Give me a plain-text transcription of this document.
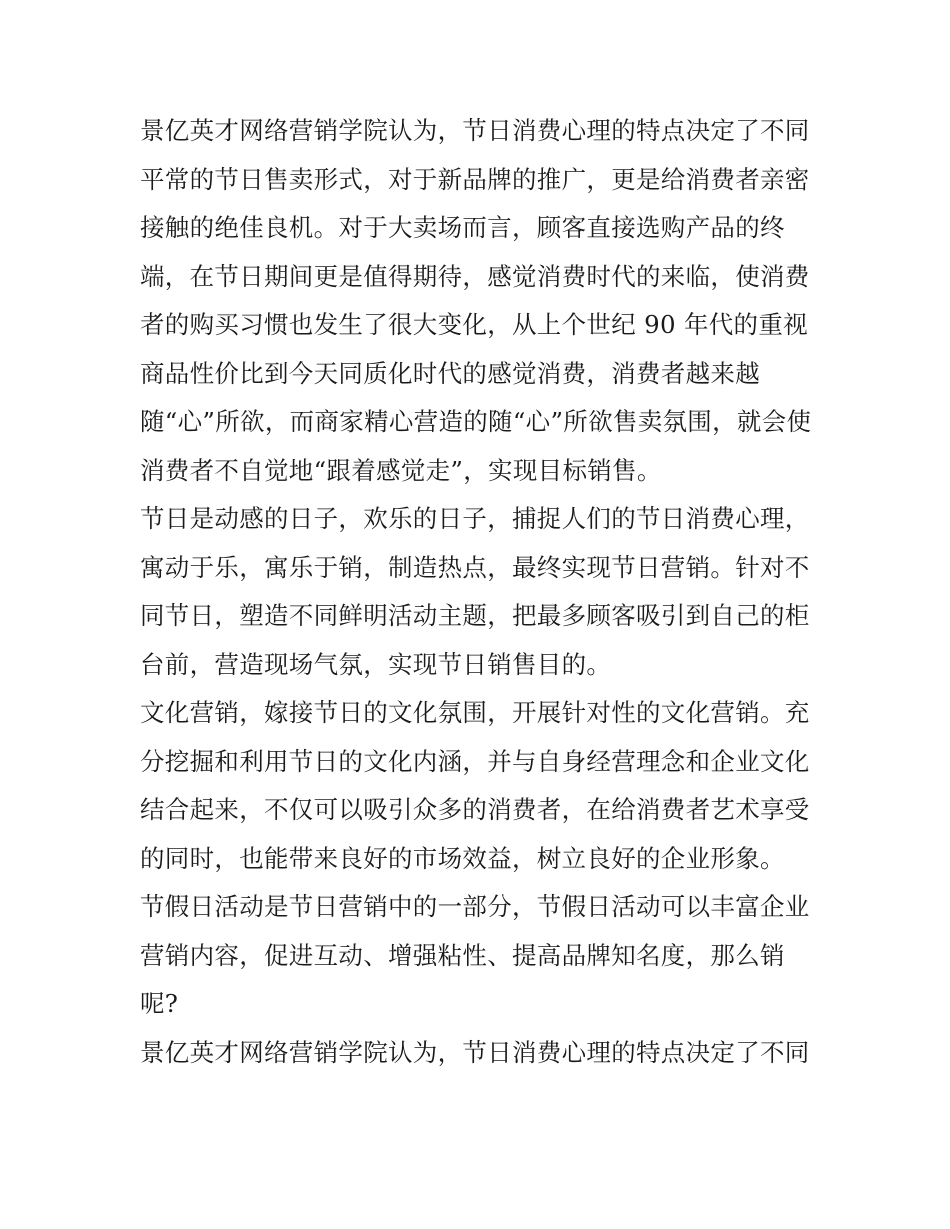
景亿英才网络营销学院认为，节日消费心理的特点决定了不同
平常的节日售卖形式，对于新品牌的推广，更是给消费者亲密
接触的绝佳良机。对于大卖场而言，顾客直接选购产品的终
端，在节日期间更是值得期待，感觉消费时代的来临，使消费
者的购买习惯也发生了很大变化，从上个世纪 90 年代的重视
商品性价比到今天同质化时代的感觉消费，消费者越来越
随“心”所欲，而商家精心营造的随“心”所欲售卖氛围，就会使
消费者不自觉地“跟着感觉走”，实现目标销售。
节日是动感的日子，欢乐的日子，捕捉人们的节日消费心理，
寓动于乐，寓乐于销，制造热点，最终实现节日营销。针对不
同节日，塑造不同鲜明活动主题，把最多顾客吸引到自己的柜
台前，营造现场气氛，实现节日销售目的。
文化营销，嫁接节日的文化氛围，开展针对性的文化营销。充
分挖掘和利用节日的文化内涵，并与自身经营理念和企业文化
结合起来，不仅可以吸引众多的消费者，在给消费者艺术享受
的同时，也能带来良好的市场效益，树立良好的企业形象。
节假日活动是节日营销中的一部分，节假日活动可以丰富企业
营销内容，促进互动、增强粘性、提高品牌知名度，那么销
呢?
景亿英才网络营销学院认为，节日消费心理的特点决定了不同
